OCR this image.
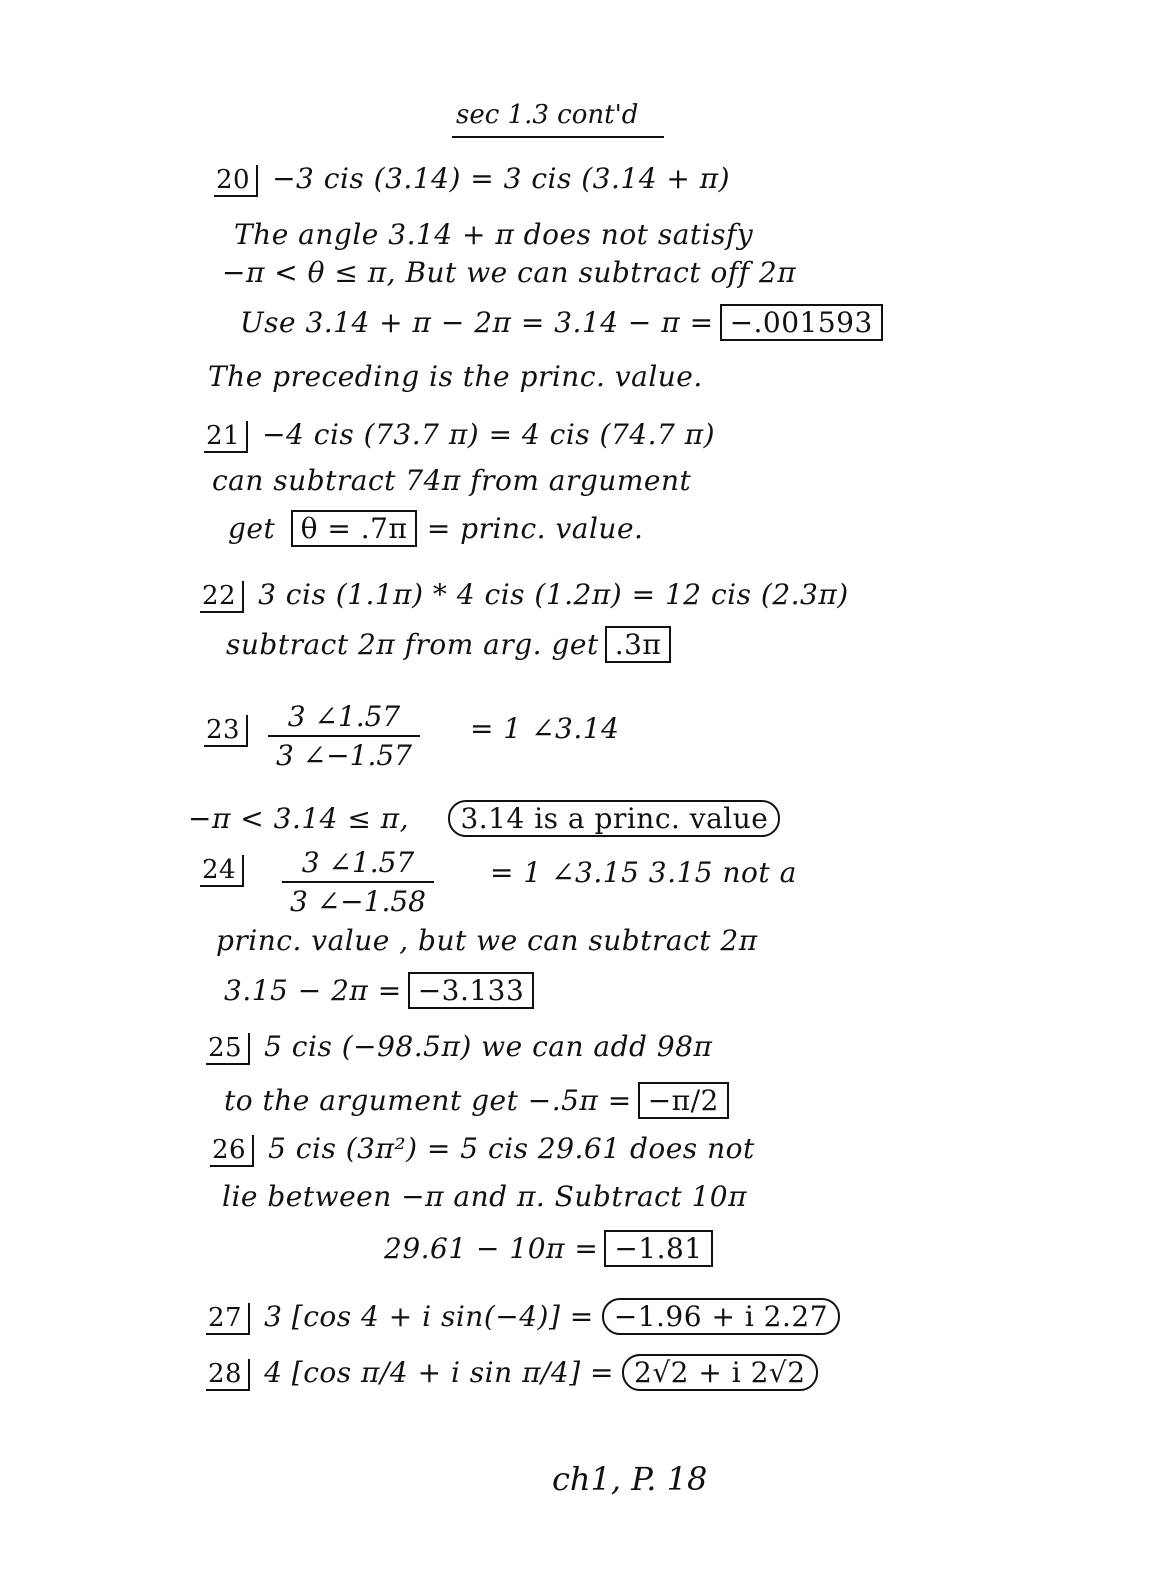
sec 1.3 cont'd
20 −3 cis (3.14) = 3 cis (3.14 + π)
The angle 3.14 + π does not satisfy
−π < θ ≤ π, But we can subtract off 2π
Use 3.14 + π − 2π = 3.14 − π = −.001593
The preceding is the princ. value.
21 −4 cis (73.7 π) = 4 cis (74.7 π)
can subtract 74π from argument
get θ = .7π = princ. value.
22 3 cis (1.1π) * 4 cis (1.2π) = 12 cis (2.3π)
subtract 2π from arg. get .3π
23	3 ∠1.57
3 ∠−1.57
= 1 ∠3.14
−π < 3.14 ≤ π, 3.14 is a princ. value
24	3 ∠1.57
3 ∠−1.58
= 1 ∠3.15 3.15 not a
princ. value , but we can subtract 2π
3.15 − 2π = −3.133
25 5 cis (−98.5π) we can add 98π
to the argument get −.5π = −π/2
26 5 cis (3π²) = 5 cis 29.61 does not
lie between −π and π. Subtract 10π
29.61 − 10π = −1.81
27 3 [cos 4 + i sin(−4)] = −1.96 + i 2.27
28 4 [cos π/4 + i sin π/4] = 2√2 + i 2√2
ch1, P. 18
